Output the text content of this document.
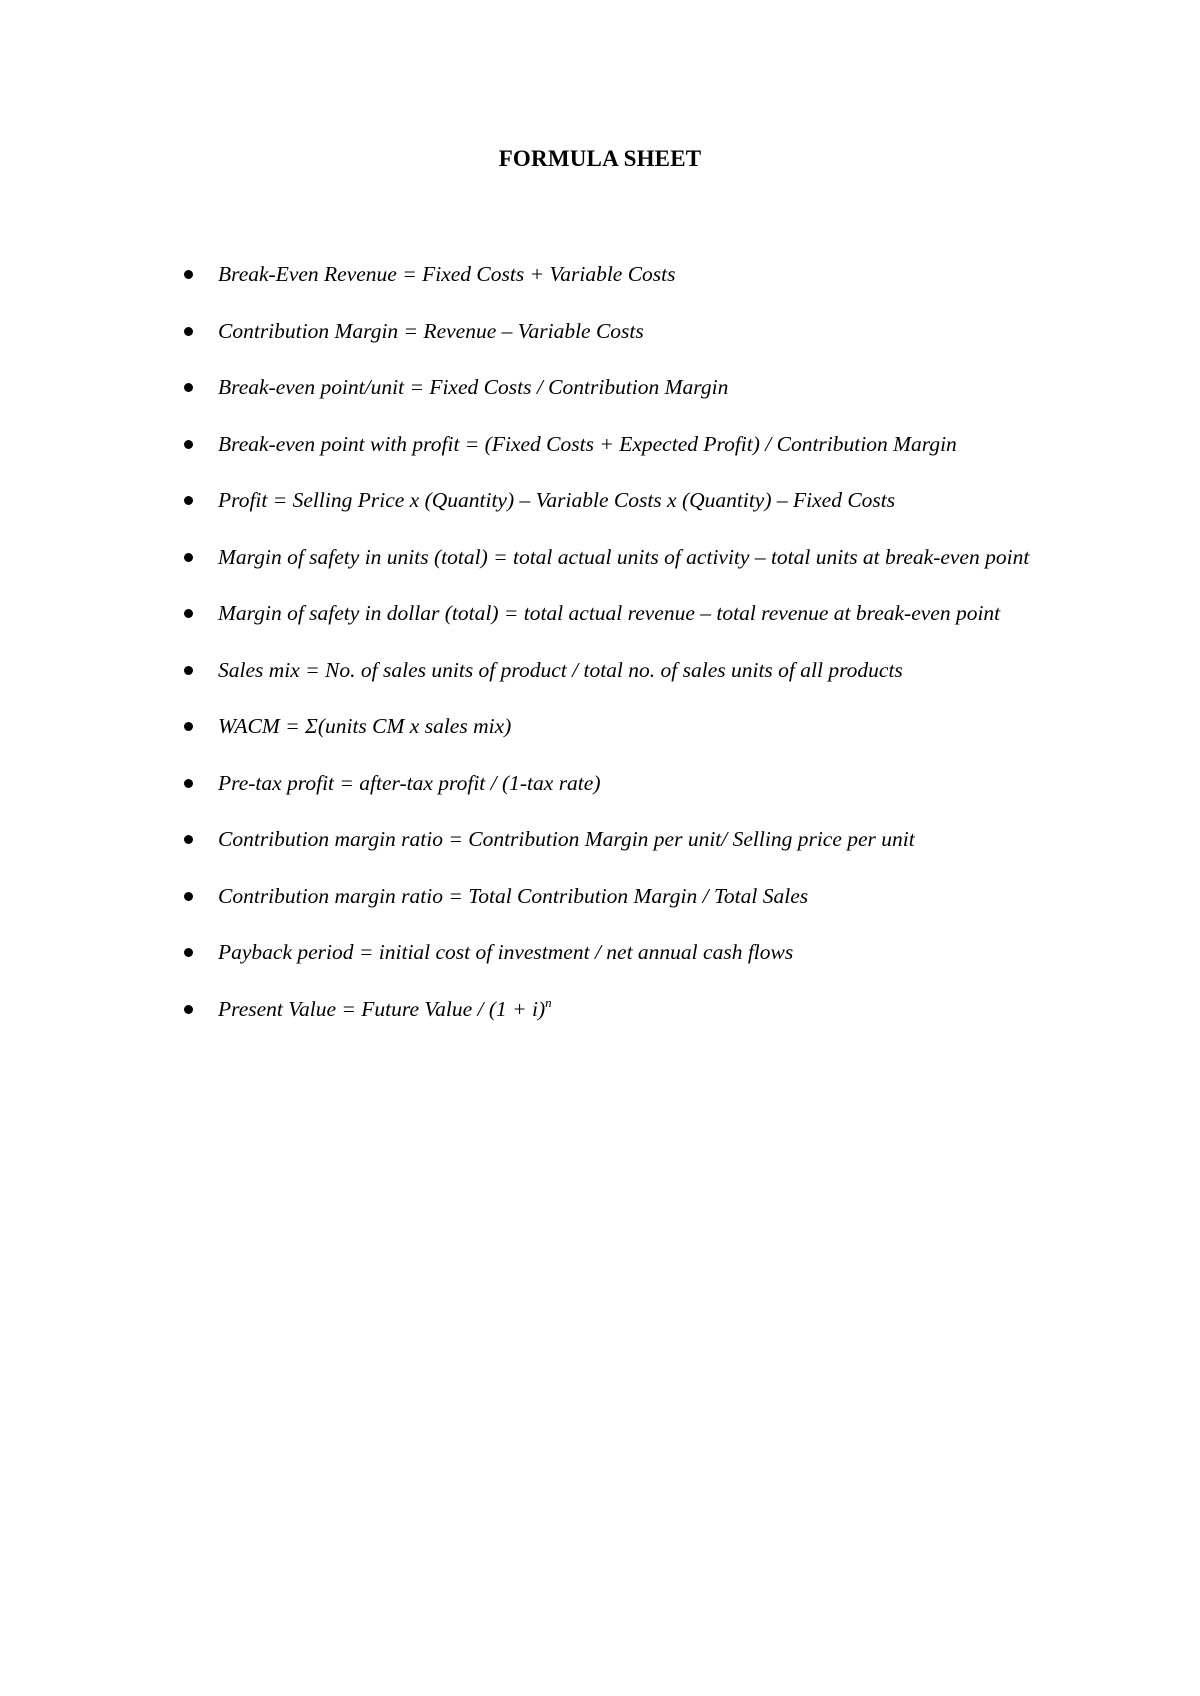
FORMULA SHEET
Break-Even Revenue = Fixed Costs + Variable Costs
Contribution Margin = Revenue – Variable Costs
Break-even point/unit = Fixed Costs / Contribution Margin
Break-even point with profit = (Fixed Costs + Expected Profit) / Contribution Margin
Profit = Selling Price x (Quantity) – Variable Costs x (Quantity) – Fixed Costs
Margin of safety in units (total) = total actual units of activity – total units at break-even point
Margin of safety in dollar (total) = total actual revenue – total revenue at break-even point
Sales mix = No. of sales units of product / total no. of sales units of all products
WACM = Σ(units CM x sales mix)
Pre-tax profit = after-tax profit / (1-tax rate)
Contribution margin ratio = Contribution Margin per unit/ Selling price per unit
Contribution margin ratio = Total Contribution Margin / Total Sales
Payback period = initial cost of investment / net annual cash flows
Present Value = Future Value / $(1 + i)^n$
